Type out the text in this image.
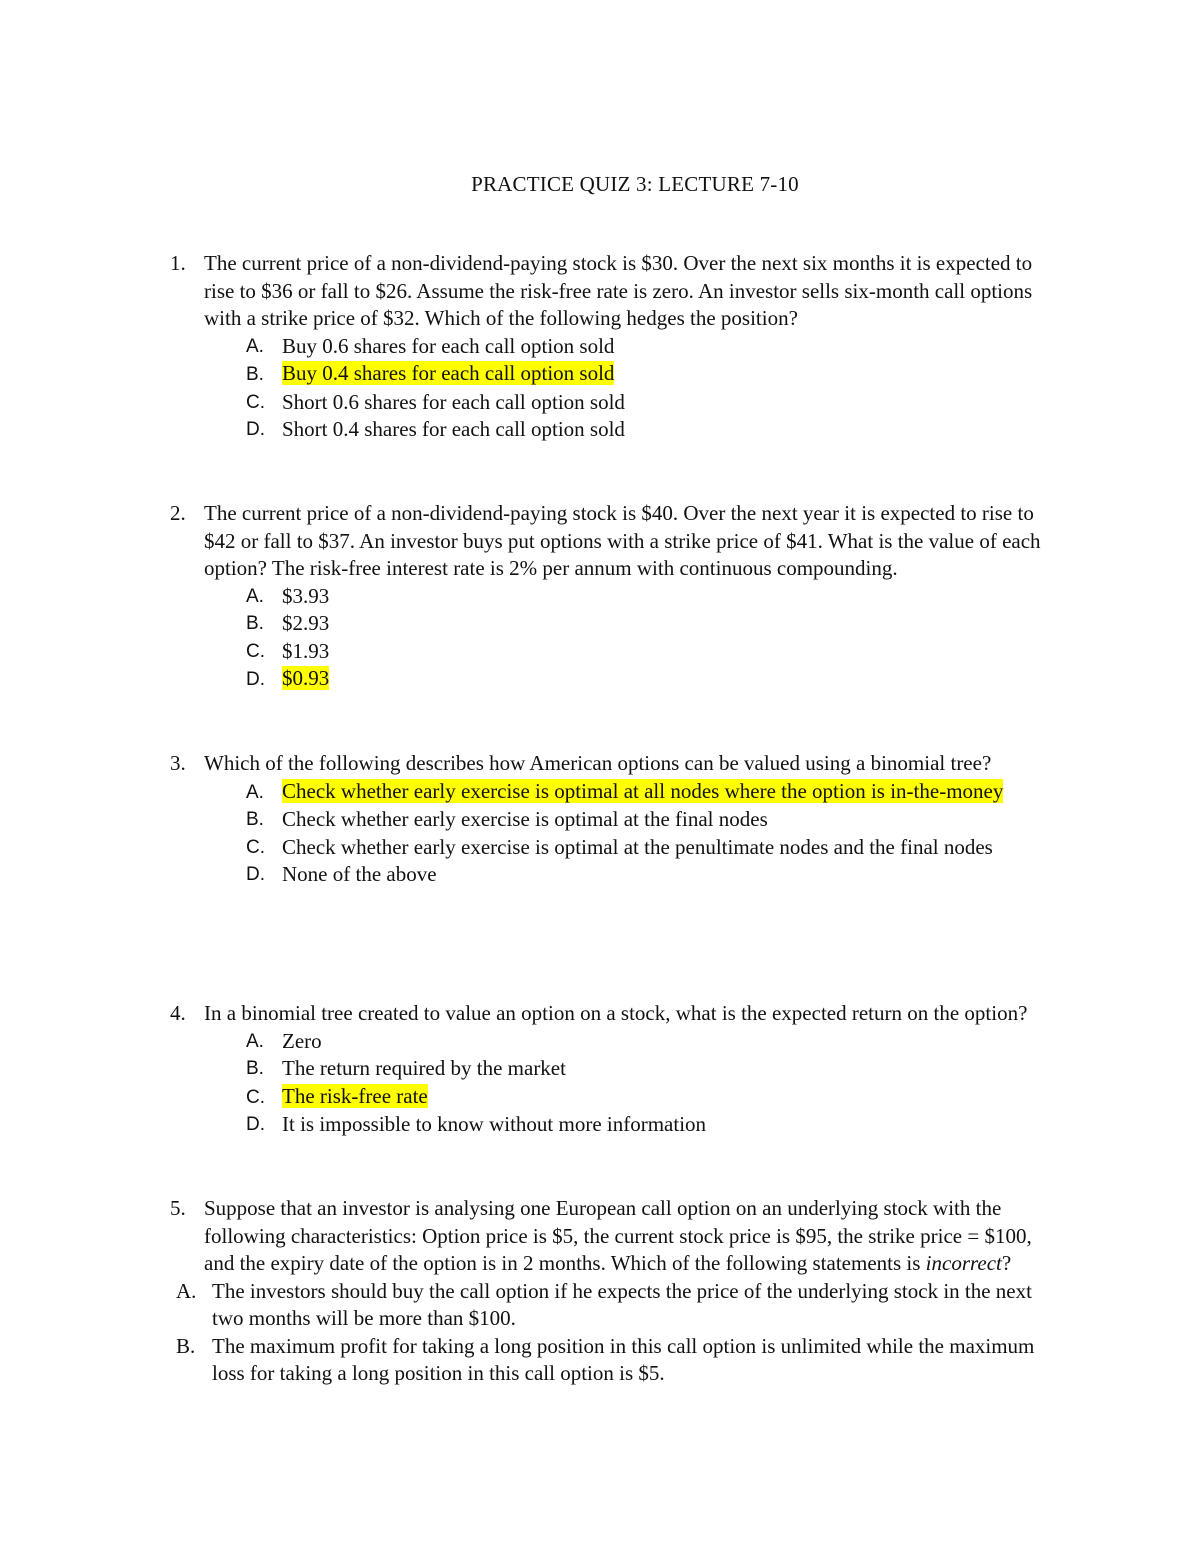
PRACTICE QUIZ 3: LECTURE 7-10
1. The current price of a non-dividend-paying stock is $30. Over the next six months it is expected to rise to $36 or fall to $26. Assume the risk-free rate is zero. An investor sells six-month call options with a strike price of $32. Which of the following hedges the position?
A. Buy 0.6 shares for each call option sold
B. Buy 0.4 shares for each call option sold
C. Short 0.6 shares for each call option sold
D. Short 0.4 shares for each call option sold
2. The current price of a non-dividend-paying stock is $40. Over the next year it is expected to rise to $42 or fall to $37. An investor buys put options with a strike price of $41. What is the value of each option? The risk-free interest rate is 2% per annum with continuous compounding.
A. $3.93
B. $2.93
C. $1.93
D. $0.93
3. Which of the following describes how American options can be valued using a binomial tree?
A. Check whether early exercise is optimal at all nodes where the option is in-the-money
B. Check whether early exercise is optimal at the final nodes
C. Check whether early exercise is optimal at the penultimate nodes and the final nodes
D. None of the above
4. In a binomial tree created to value an option on a stock, what is the expected return on the option?
A. Zero
B. The return required by the market
C. The risk-free rate
D. It is impossible to know without more information
5. Suppose that an investor is analysing one European call option on an underlying stock with the following characteristics: Option price is $5, the current stock price is $95, the strike price = $100, and the expiry date of the option is in 2 months. Which of the following statements is incorrect?
A. The investors should buy the call option if he expects the price of the underlying stock in the next two months will be more than $100.
B. The maximum profit for taking a long position in this call option is unlimited while the maximum loss for taking a long position in this call option is $5.
